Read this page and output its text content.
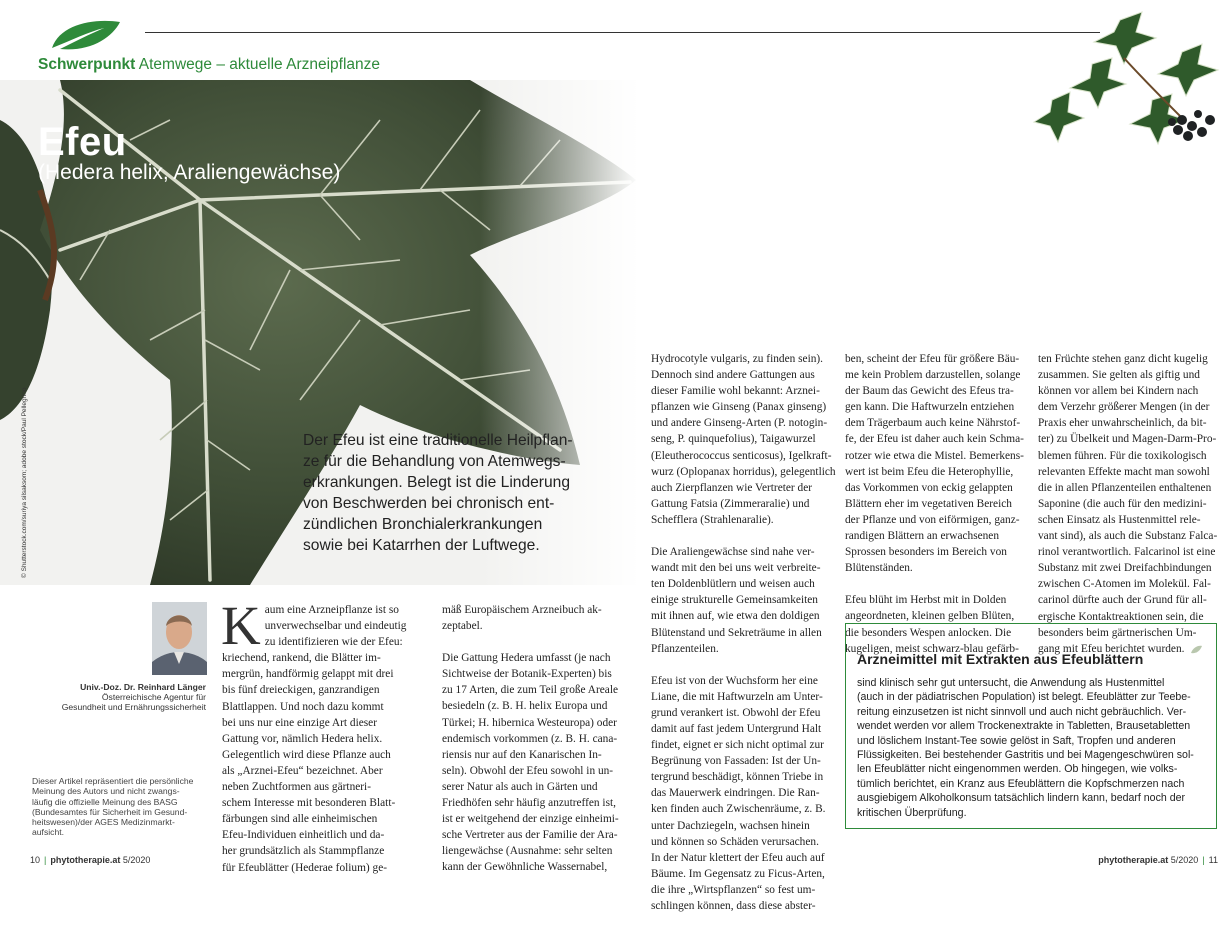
Schwerpunkt Atemwege – aktuelle Arzneipflanze
© Shutterstock.com/suriya silsaksom; adobe stock/Paul Pellegrino
Efeu
(Hedera helix, Araliengewächse)
Der Efeu ist eine traditionelle Heilpflan-
ze für die Behandlung von Atemwegs-
erkrankungen. Belegt ist die Linderung
von Beschwerden bei chronisch ent-
zündlichen Bronchialerkrankungen
sowie bei Katarrhen der Luftwege.
Univ.-Doz. Dr. Reinhard Länger
Österreichische Agentur für
Gesundheit und Ernährungssicherheit
Dieser Artikel repräsentiert die persönliche
Meinung des Autors und nicht zwangs-
läufig die offizielle Meinung des BASG
(Bundesamtes für Sicherheit im Gesund-
heitswesen)/der AGES Medizinmarkt-
aufsicht.
K aum eine Arzneipflanze ist so
unverwechselbar und eindeutig
zu identifizieren wie der Efeu:
kriechend, rankend, die Blätter im-
mergrün, handförmig gelappt mit drei
bis fünf dreieckigen, ganzrandigen
Blattlappen. Und noch dazu kommt
bei uns nur eine einzige Art dieser
Gattung vor, nämlich Hedera helix.
Gelegentlich wird diese Pflanze auch
als „Arznei-Efeu“ bezeichnet. Aber
neben Zuchtformen aus gärtneri-
schem Interesse mit besonderen Blatt-
färbungen sind alle einheimischen
Efeu-Individuen einheitlich und da-
her grundsätzlich als Stammpflanze
für Efeublätter (Hederae folium) ge-
mäß Europäischem Arzneibuch ak-
zeptabel.
Die Gattung Hedera umfasst (je nach
Sichtweise der Botanik-Experten) bis
zu 17 Arten, die zum Teil große Areale
besiedeln (z. B. H. helix Europa und
Türkei; H. hibernica Westeuropa) oder
endemisch vorkommen (z. B. H. cana-
riensis nur auf den Kanarischen In-
seln). Obwohl der Efeu sowohl in un-
serer Natur als auch in Gärten und
Friedhöfen sehr häufig anzutreffen ist,
ist er weitgehend der einzige einheimi-
sche Vertreter aus der Familie der Ara-
liengewächse (Ausnahme: sehr selten
kann der Gewöhnliche Wassernabel,
Hydrocotyle vulgaris, zu finden sein).
Dennoch sind andere Gattungen aus
dieser Familie wohl bekannt: Arznei-
pflanzen wie Ginseng (Panax ginseng)
und andere Ginseng-Arten (P. notogin-
seng, P. quinquefolius), Taigawurzel
(Eleutherococcus senticosus), Igelkraft-
wurz (Oplopanax horridus), gelegentlich
auch Zierpflanzen wie Vertreter der
Gattung Fatsia (Zimmeraralie) und
Schefflera (Strahlenaralie).
Die Araliengewächse sind nahe ver-
wandt mit den bei uns weit verbreite-
ten Doldenblütlern und weisen auch
einige strukturelle Gemeinsamkeiten
mit ihnen auf, wie etwa den doldigen
Blütenstand und Sekreträume in allen
Pflanzenteilen.
Efeu ist von der Wuchsform her eine
Liane, die mit Haftwurzeln am Unter-
grund verankert ist. Obwohl der Efeu
damit auf fast jedem Untergrund Halt
findet, eignet er sich nicht optimal zur
Begrünung von Fassaden: Ist der Un-
tergrund beschädigt, können Triebe in
das Mauerwerk eindringen. Die Ran-
ken finden auch Zwischenräume, z. B.
unter Dachziegeln, wachsen hinein
und können so Schäden verursachen.
In der Natur klettert der Efeu auch auf
Bäume. Im Gegensatz zu Ficus-Arten,
die ihre „Wirtspflanzen“ so fest um-
schlingen können, dass diese abster-
ben, scheint der Efeu für größere Bäu-
me kein Problem darzustellen, solange
der Baum das Gewicht des Efeus tra-
gen kann. Die Haftwurzeln entziehen
dem Trägerbaum auch keine Nährstof-
fe, der Efeu ist daher auch kein Schma-
rotzer wie etwa die Mistel. Bemerkens-
wert ist beim Efeu die Heterophyllie,
das Vorkommen von eckig gelappten
Blättern eher im vegetativen Bereich
der Pflanze und von eiförmigen, ganz-
randigen Blättern an erwachsenen
Sprossen besonders im Bereich von
Blütenständen.
Efeu blüht im Herbst mit in Dolden
angeordneten, kleinen gelben Blüten,
die besonders Wespen anlocken. Die
kugeligen, meist schwarz-blau gefärb-
ten Früchte stehen ganz dicht kugelig
zusammen. Sie gelten als giftig und
können vor allem bei Kindern nach
dem Verzehr größerer Mengen (in der
Praxis eher unwahrscheinlich, da bit-
ter) zu Übelkeit und Magen-Darm-Pro-
blemen führen. Für die toxikologisch
relevanten Effekte macht man sowohl
die in allen Pflanzenteilen enthaltenen
Saponine (die auch für den medizini-
schen Einsatz als Hustenmittel rele-
vant sind), als auch die Substanz Falca-
rinol verantwortlich. Falcarinol ist eine
Substanz mit zwei Dreifachbindungen
zwischen C-Atomen im Molekül. Fal-
carinol dürfte auch der Grund für all-
ergische Kontaktreaktionen sein, die
besonders beim gärtnerischen Um-
gang mit Efeu berichtet wurden.
Arzneimittel mit Extrakten aus Efeublättern
sind klinisch sehr gut untersucht, die Anwendung als Hustenmittel
(auch in der pädiatrischen Population) ist belegt. Efeublätter zur Teebe-
reitung einzusetzen ist nicht sinnvoll und auch nicht gebräuchlich. Ver-
wendet werden vor allem Trockenextrakte in Tabletten, Brausetabletten
und löslichem Instant-Tee sowie gelöst in Saft, Tropfen und anderen
Flüssigkeiten. Bei bestehender Gastritis und bei Magengeschwüren sol-
len Efeublätter nicht eingenommen werden. Ob hingegen, wie volks-
tümlich berichtet, ein Kranz aus Efeublättern die Kopfschmerzen nach
ausgiebigem Alkoholkonsum tatsächlich lindern kann, bedarf noch der
kritischen Überprüfung.
10 | phytotherapie.at 5/2020	phytotherapie.at 5/2020 | 11
